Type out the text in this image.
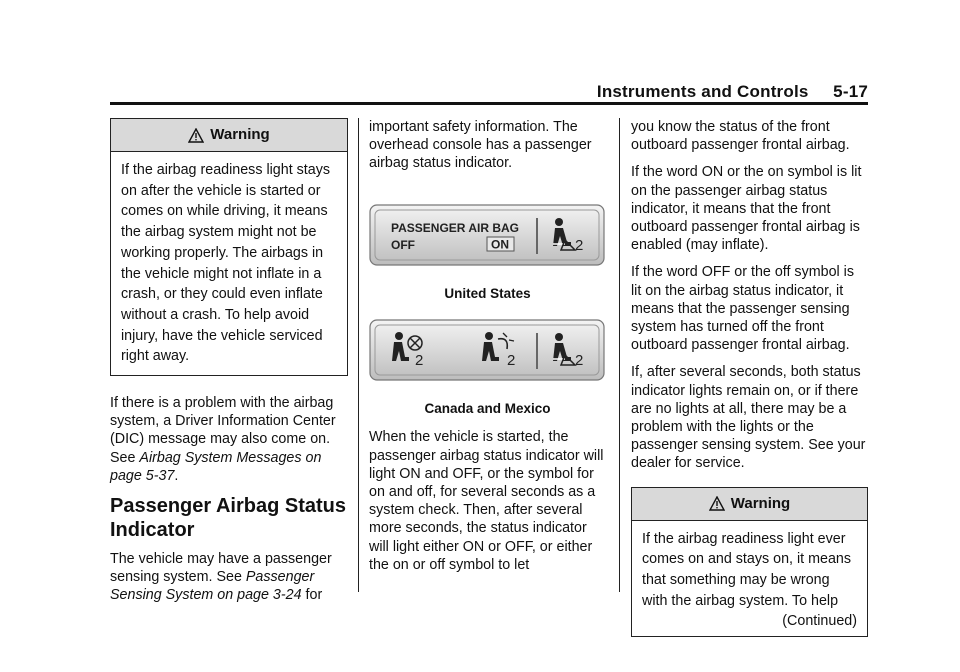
Instruments and Controls 5-17
Warning
If the airbag readiness light stays on after the vehicle is started or comes on while driving, it means the airbag system might not be working properly. The airbags in the vehicle might not inflate in a crash, or they could even inflate without a crash. To help avoid injury, have the vehicle serviced right away.

If there is a problem with the airbag system, a Driver Information Center (DIC) message may also come on. See Airbag System Messages on page 5-37.

Passenger Airbag Status Indicator

The vehicle may have a passenger sensing system. See Passenger Sensing System on page 3-24 for

important safety information. The overhead console has a passenger airbag status indicator.

PASSENGER AIR BAG
OFF	ON	2
United States
2	2	2
Canada and Mexico

When the vehicle is started, the passenger airbag status indicator will light ON and OFF, or the symbol for on and off, for several seconds as a system check. Then, after several more seconds, the status indicator will light either ON or OFF, or either the on or off symbol to let

you know the status of the front outboard passenger frontal airbag.

If the word ON or the on symbol is lit on the passenger airbag status indicator, it means that the front outboard passenger frontal airbag is enabled (may inflate).

If the word OFF or the off symbol is lit on the airbag status indicator, it means that the passenger sensing system has turned off the front outboard passenger frontal airbag.

If, after several seconds, both status indicator lights remain on, or if there are no lights at all, there may be a problem with the lights or the passenger sensing system. See your dealer for service.

Warning
If the airbag readiness light ever comes on and stays on, it means that something may be wrong with the airbag system. To help
(Continued)
